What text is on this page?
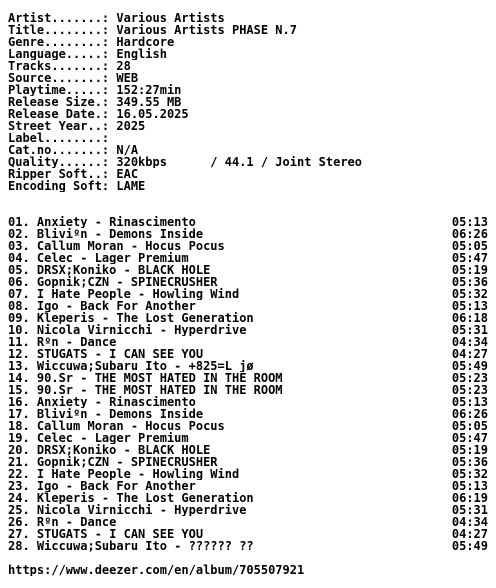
Artist.......: Various Artists
Title........: Various Artists PHASE N.7
Genre........: Hardcore
Language.....: English
Tracks.......: 28
Source.......: WEB
Playtime.....: 152:27min
Release Size.: 349.55 MB
Release Date.: 16.05.2025
Street Year..: 2025
Label........:
Cat.no.......: N/A
Quality......: 320kbps      / 44.1 / Joint Stereo
Ripper Soft..: EAC
Encoding Soft: LAME
01. Anxiety - Rinascimento	05:13
02. Bliviºn - Demons Inside	06:26
03. Callum Moran - Hocus Pocus	05:05
04. Celec - Lager Premium	05:47
05. DRSX;Koniko - BLACK HOLE	05:19
06. Gopnik;CZN - SPINECRUSHER	05:36
07. I Hate People - Howling Wind	05:32
08. Igo - Back For Another	05:13
09. Kleperis - The Lost Generation	06:18
10. Nicola Virnicchi - Hyperdrive	05:31
11. Rºn - Dance	04:34
12. STUGATS - I CAN SEE YOU	04:27
13. Wiccuwa;Subaru Ito - +825=L jø	05:49
14. 90.Sr - THE MOST HATED IN THE ROOM	05:23
15. 90.Sr - THE MOST HATED IN THE ROOM	05:23
16. Anxiety - Rinascimento	05:13
17. Bliviºn - Demons Inside	06:26
18. Callum Moran - Hocus Pocus	05:05
19. Celec - Lager Premium	05:47
20. DRSX;Koniko - BLACK HOLE	05:19
21. Gopnik;CZN - SPINECRUSHER	05:36
22. I Hate People - Howling Wind	05:32
23. Igo - Back For Another	05:13
24. Kleperis - The Lost Generation	06:19
25. Nicola Virnicchi - Hyperdrive	05:31
26. Rºn - Dance	04:34
27. STUGATS - I CAN SEE YOU	04:27
28. Wiccuwa;Subaru Ito - ?????? ??	05:49
https://www.deezer.com/en/album/705507921
